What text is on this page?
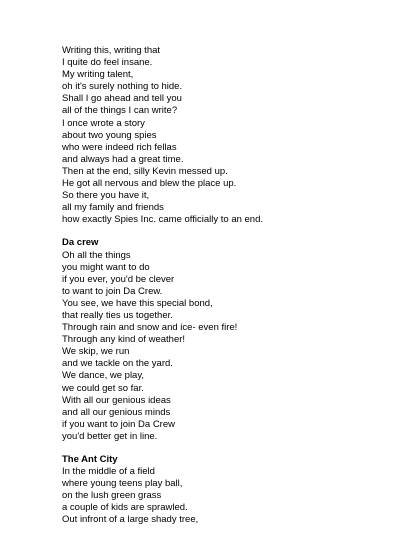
Writing this, writing that
I quite do feel insane.
My writing talent,
oh it's surely nothing to hide.
Shall I go ahead and tell you
all of the things I can write?
I once wrote a story
about two young spies
who were indeed rich fellas
and always had a great time.
Then at the end, silly Kevin messed up.
He got all nervous and blew the place up.
So there you have it,
all my family and friends
how exactly Spies Inc. came officially to an end.
Da crew
Oh all the things
you might want to do
if you ever, you'd be clever
to want to join Da Crew.
You see, we have this special bond,
that really ties us together.
Through rain and snow and ice- even fire!
Through any kind of weather!
We skip, we run
and we tackle on the yard.
We dance, we play,
we could get so far.
With all our genious ideas
and all our genious minds
if you want to join Da Crew
you'd better get in line.
The Ant City
In the middle of a field
where young teens play ball,
on the lush green grass
a couple of kids are sprawled.
Out infront of a large shady tree,
